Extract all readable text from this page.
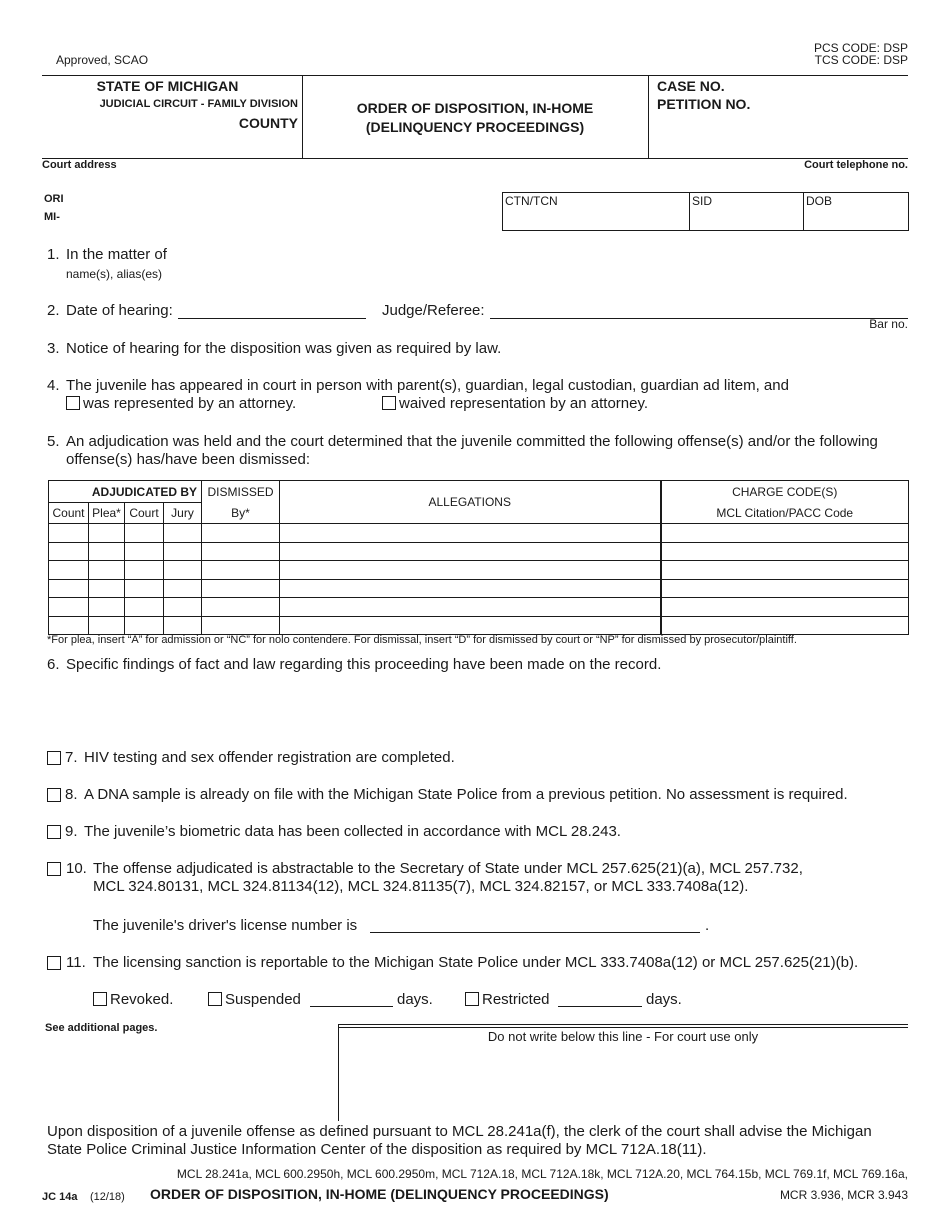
Approved, SCAO
PCS CODE: DSP
TCS CODE: DSP
STATE OF MICHIGAN
JUDICIAL CIRCUIT - FAMILY DIVISION
COUNTY
ORDER OF DISPOSITION, IN-HOME
(DELINQUENCY PROCEEDINGS)
CASE NO.
PETITION NO.
Court address	Court telephone no.
ORI
MI-
CTN/TCN	SID	DOB
1. In the matter of
name(s), alias(es)
2. Date of hearing:	Judge/Referee:
Bar no.
3. Notice of hearing for the disposition was given as required by law.
4. The juvenile has appeared in court in person with parent(s), guardian, legal custodian, guardian ad litem, and
was represented by an attorney.	waived representation by an attorney.
5. An adjudication was held and the court determined that the juvenile committed the following offense(s) and/or the following
offense(s) has/have been dismissed:
ADJUDICATED BY				DISMISSED	ALLEGATIONS	CHARGE CODE(S)
Count	Plea*	Court	Jury	By*		MCL Citation/PACC Code

*For plea, insert “A” for admission or “NC” for nolo contendere. For dismissal, insert “D” for dismissed by court or “NP” for dismissed by prosecutor/plaintiff.
6. Specific findings of fact and law regarding this proceeding have been made on the record.
7. HIV testing and sex offender registration are completed.
8. A DNA sample is already on file with the Michigan State Police from a previous petition. No assessment is required.
9. The juvenile’s biometric data has been collected in accordance with MCL 28.243.
10. The offense adjudicated is abstractable to the Secretary of State under MCL 257.625(21)(a), MCL 257.732,
MCL 324.80131, MCL 324.81134(12), MCL 324.81135(7), MCL 324.82157, or MCL 333.7408a(12).
The juvenile's driver's license number is	.
11. The licensing sanction is reportable to the Michigan State Police under MCL 333.7408a(12) or MCL 257.625(21)(b).
Revoked.	Suspended	days.	Restricted	days.
See additional pages.
Do not write below this line - For court use only
Upon disposition of a juvenile offense as defined pursuant to MCL 28.241a(f), the clerk of the court shall advise the Michigan
State Police Criminal Justice Information Center of the disposition as required by MCL 712A.18(11).
MCL 28.241a, MCL 600.2950h, MCL 600.2950m, MCL 712A.18, MCL 712A.18k, MCL 712A.20, MCL 764.15b, MCL 769.1f, MCL 769.16a,
JC 14a (12/18) ORDER OF DISPOSITION, IN-HOME (DELINQUENCY PROCEEDINGS)	MCR 3.936, MCR 3.943
